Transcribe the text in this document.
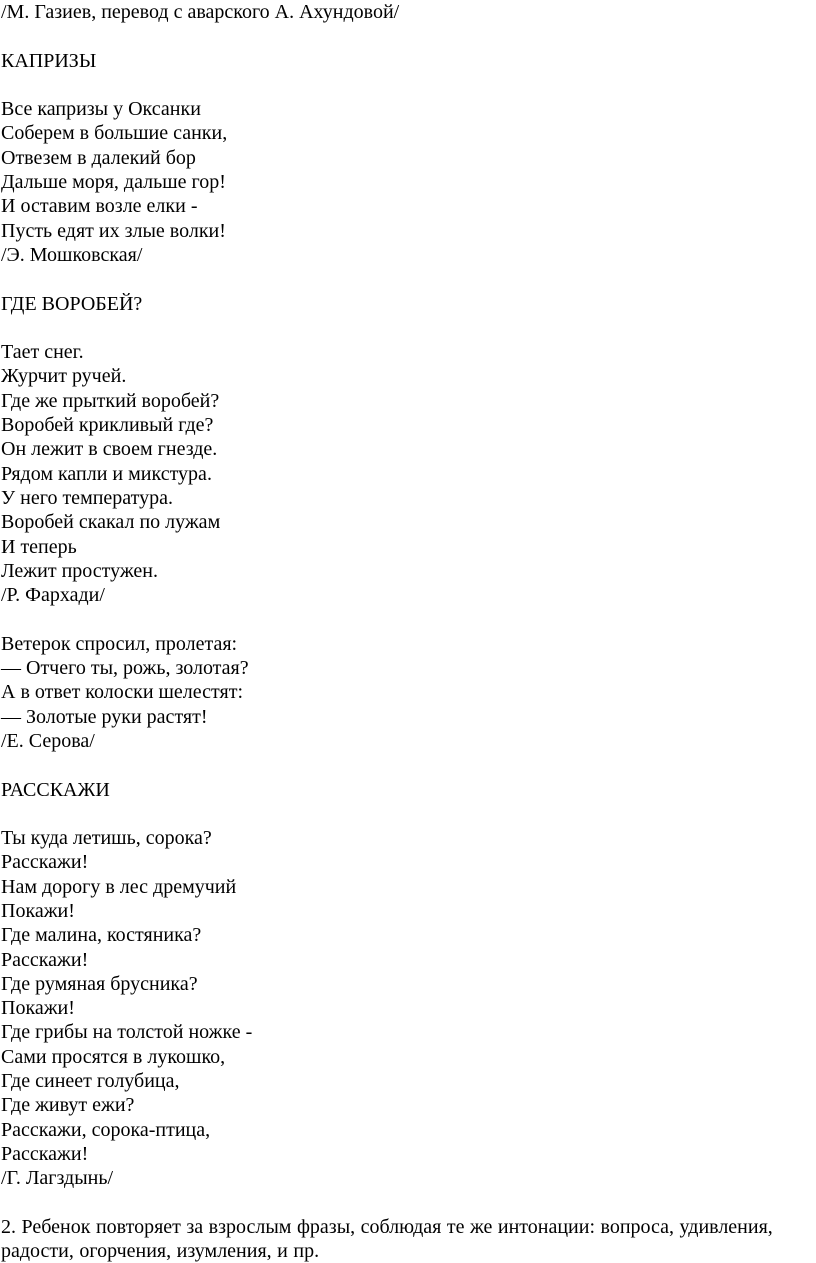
/М. Газиев, перевод с аварского А. Ахундовой/
КАПРИЗЫ
Все капризы у Оксанки
Соберем в большие санки,
Отвезем в далекий бор
Дальше моря, дальше гор!
И оставим возле елки -
Пусть едят их злые волки!
/Э. Мошковская/
ГДЕ ВОРОБЕЙ?
Тает снег.
Журчит ручей.
Где же прыткий воробей?
Воробей крикливый где?
Он лежит в своем гнезде.
Рядом капли и микстура.
У него температура.
Воробей скакал по лужам
И теперь
Лежит простужен.
/Р. Фархади/
Ветерок спросил, пролетая:
— Отчего ты, рожь, золотая?
А в ответ колоски шелестят:
— Золотые руки растят!
/Е. Серова/
РАССКАЖИ
Ты куда летишь, сорока?
Расскажи!
Нам дорогу в лес дремучий
Покажи!
Где малина, костяника?
Расскажи!
Где румяная брусника?
Покажи!
Где грибы на толстой ножке -
Сами просятся в лукошко,
Где синеет голубица,
Где живут ежи?
Расскажи, сорока-птица,
Расскажи!
/Г. Лагздынь/
2. Ребенок повторяет за взрослым фразы, соблюдая те же интонации: вопроса, удивления, радости, огорчения, изумления, и пр.
